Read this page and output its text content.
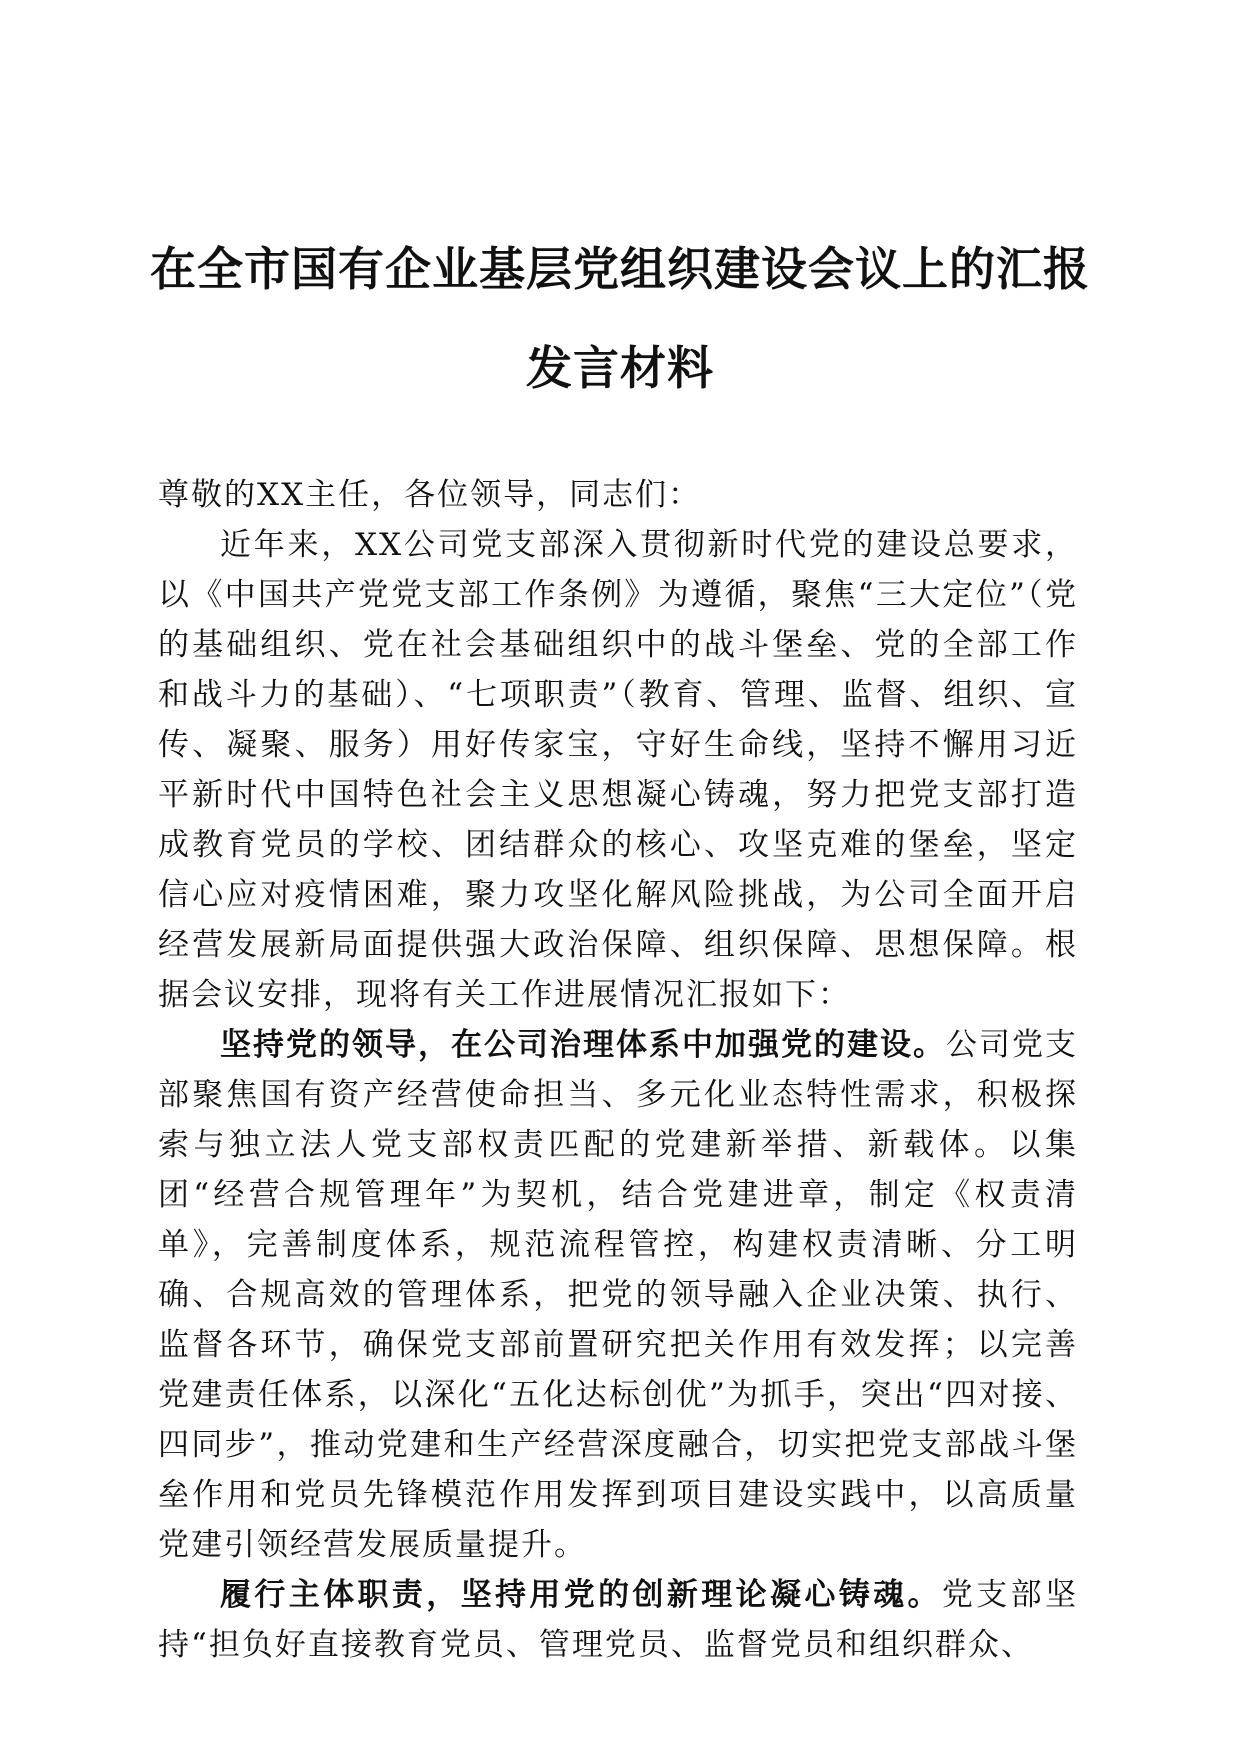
在全市国有企业基层党组织建设会议上的汇报
发言材料

尊敬的XX主任，各位领导，同志们：

近年来，XX公司党支部深入贯彻新时代党的建设总要求，以《中国共产党党支部工作条例》为遵循，聚焦“三大定位”（党的基础组织、党在社会基础组织中的战斗堡垒、党的全部工作和战斗力的基础）、“七项职责”（教育、管理、监督、组织、宣传、凝聚、服务）用好传家宝，守好生命线，坚持不懈用习近平新时代中国特色社会主义思想凝心铸魂，努力把党支部打造成教育党员的学校、团结群众的核心、攻坚克难的堡垒，坚定信心应对疫情困难，聚力攻坚化解风险挑战，为公司全面开启经营发展新局面提供强大政治保障、组织保障、思想保障。根据会议安排，现将有关工作进展情况汇报如下：

坚持党的领导，在公司治理体系中加强党的建设。公司党支部聚焦国有资产经营使命担当、多元化业态特性需求，积极探索与独立法人党支部权责匹配的党建新举措、新载体。以集团“经营合规管理年”为契机，结合党建进章，制定《权责清单》，完善制度体系，规范流程管控，构建权责清晰、分工明确、合规高效的管理体系，把党的领导融入企业决策、执行、监督各环节，确保党支部前置研究把关作用有效发挥；以完善党建责任体系，以深化“五化达标创优”为抓手，突出“四对接、四同步”，推动党建和生产经营深度融合，切实把党支部战斗堡垒作用和党员先锋模范作用发挥到项目建设实践中，以高质量党建引领经营发展质量提升。

履行主体职责，坚持用党的创新理论凝心铸魂。党支部坚持“担负好直接教育党员、管理党员、监督党员和组织群众、
